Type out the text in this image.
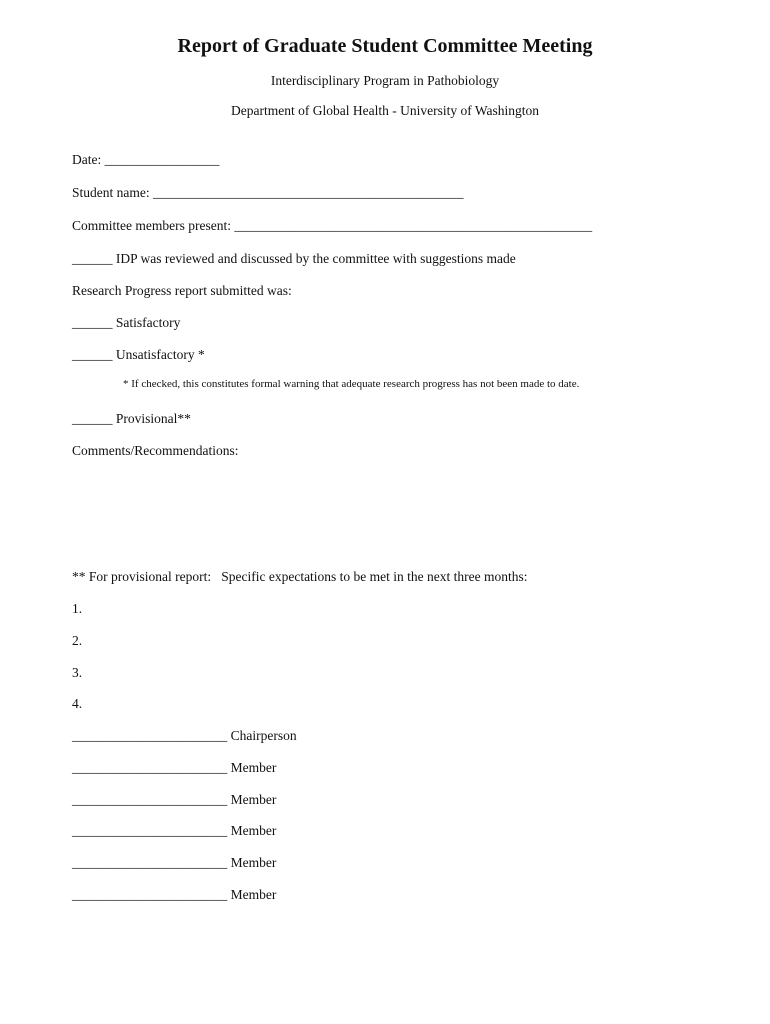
Report of Graduate Student Committee Meeting
Interdisciplinary Program in Pathobiology
Department of Global Health - University of Washington
Date: _________________
Student name: ______________________________________________
Committee members present: _____________________________________________________
______ IDP was reviewed and discussed by the committee with suggestions made
Research Progress report submitted was:
______ Satisfactory
______ Unsatisfactory *
* If checked, this constitutes formal warning that adequate research progress has not been made to date.
______ Provisional**
Comments/Recommendations:
** For provisional report:   Specific expectations to be met in the next three months:
1.
2.
3.
4.
_______________________ Chairperson
_______________________ Member
_______________________ Member
_______________________ Member
_______________________ Member
_______________________ Member
